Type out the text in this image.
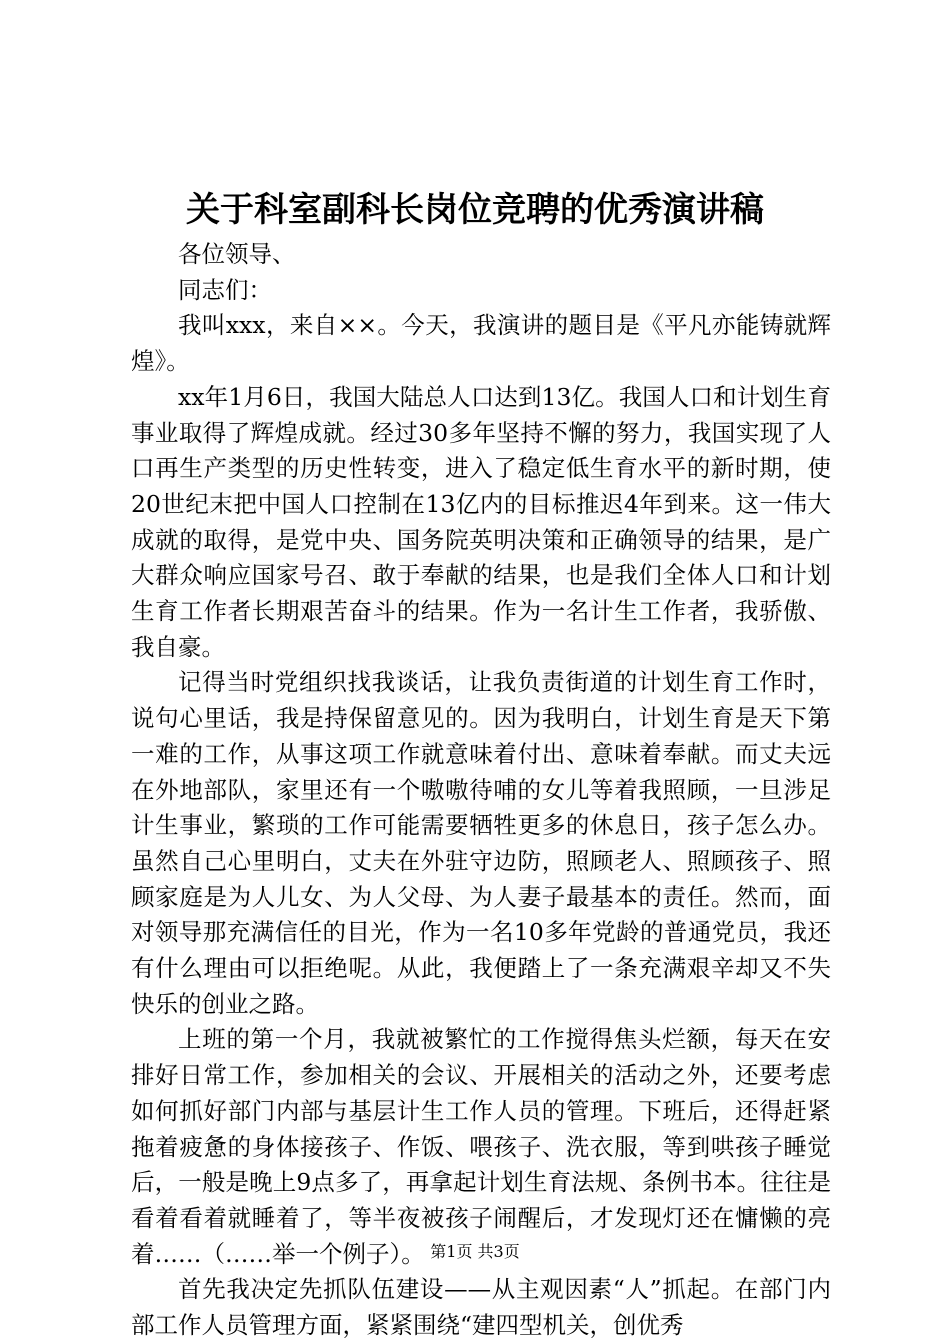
关于科室副科长岗位竞聘的优秀演讲稿

各位领导、

同志们：

我叫xxx，来自××。今天，我演讲的题目是《平凡亦能铸就辉煌》。

xx年1月6日，我国大陆总人口达到13亿。我国人口和计划生育事业取得了辉煌成就。经过30多年坚持不懈的努力，我国实现了人口再生产类型的历史性转变，进入了稳定低生育水平的新时期，使20世纪末把中国人口控制在13亿内的目标推迟4年到来。这一伟大成就的取得，是党中央、国务院英明决策和正确领导的结果，是广大群众响应国家号召、敢于奉献的结果，也是我们全体人口和计划生育工作者长期艰苦奋斗的结果。作为一名计生工作者，我骄傲、我自豪。

记得当时党组织找我谈话，让我负责街道的计划生育工作时，说句心里话，我是持保留意见的。因为我明白，计划生育是天下第一难的工作，从事这项工作就意味着付出、意味着奉献。而丈夫远在外地部队，家里还有一个嗷嗷待哺的女儿等着我照顾，一旦涉足计生事业，繁琐的工作可能需要牺牲更多的休息日，孩子怎么办。虽然自己心里明白，丈夫在外驻守边防，照顾老人、照顾孩子、照顾家庭是为人儿女、为人父母、为人妻子最基本的责任。然而，面对领导那充满信任的目光，作为一名10多年党龄的普通党员，我还有什么理由可以拒绝呢。从此，我便踏上了一条充满艰辛却又不失快乐的创业之路。

上班的第一个月，我就被繁忙的工作搅得焦头烂额，每天在安排好日常工作，参加相关的会议、开展相关的活动之外，还要考虑如何抓好部门内部与基层计生工作人员的管理。下班后，还得赶紧拖着疲惫的身体接孩子、作饭、喂孩子、洗衣服，等到哄孩子睡觉后，一般是晚上9点多了，再拿起计划生育法规、条例书本。往往是看着看着就睡着了，等半夜被孩子闹醒后，才发现灯还在慵懒的亮着……（……举一个例子）。

首先我决定先抓队伍建设——从主观因素“人”抓起。在部门内部工作人员管理方面，紧紧围绕“建四型机关，创优秀

第1页 共3页
